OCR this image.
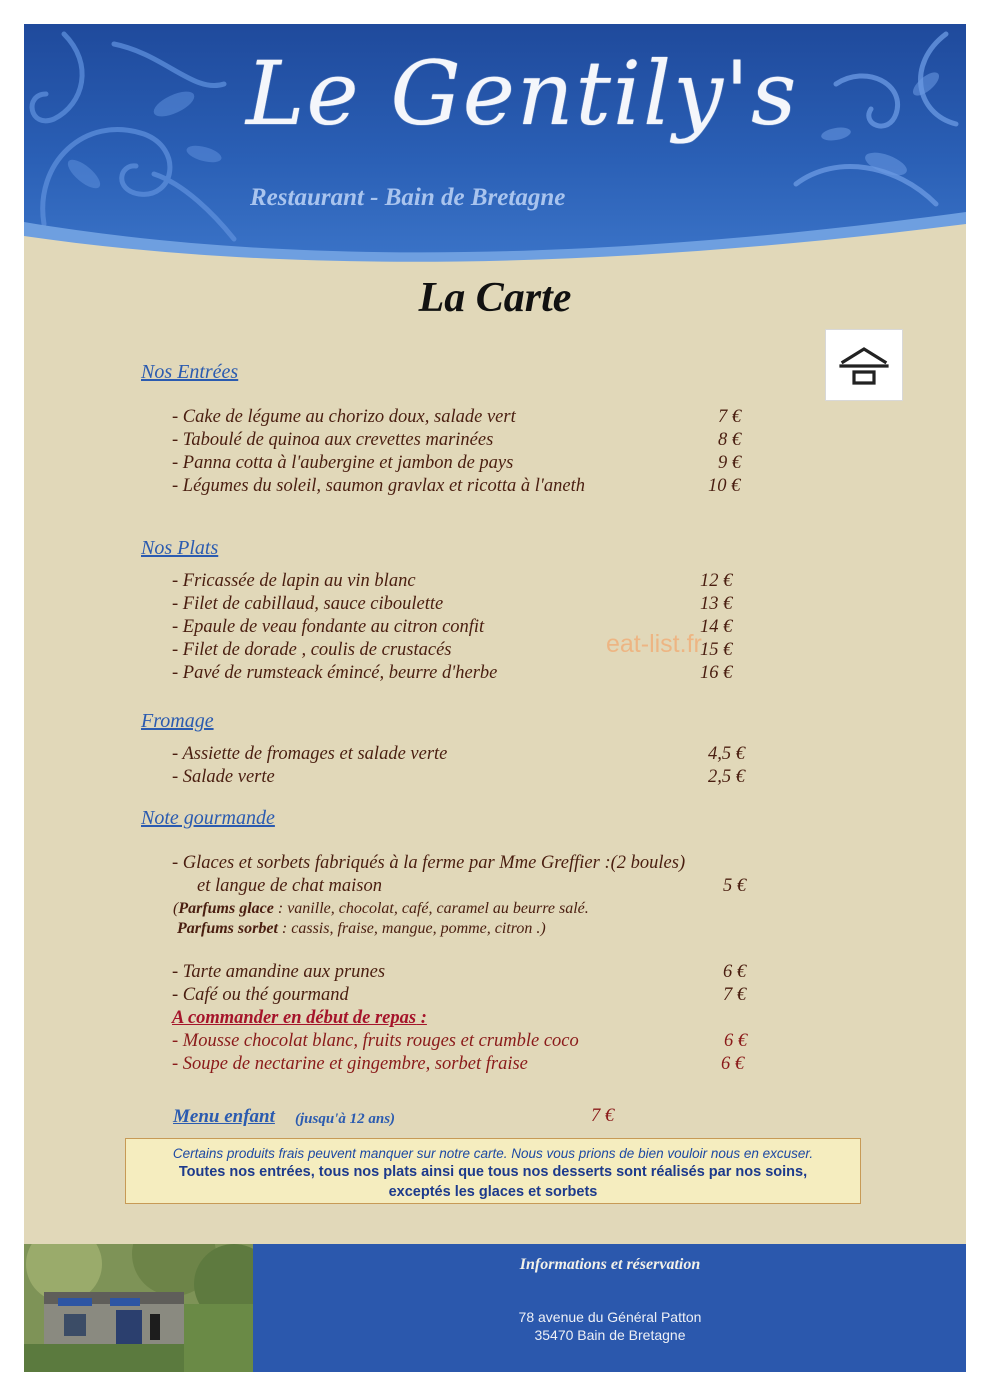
Le Gentily's
Restaurant - Bain de Bretagne
La Carte
Nos Entrées
- Cake de légume au chorizo doux, salade vert	7 €
- Taboulé de quinoa aux crevettes marinées	8 €
- Panna cotta à l'aubergine et jambon de pays	9 €
- Légumes du soleil, saumon gravlax et ricotta à l'aneth	10 €
Nos Plats
- Fricassée de lapin au vin blanc	12 €
- Filet de cabillaud, sauce ciboulette	13 €
- Epaule de veau fondante au citron confit	14 €
- Filet de dorade , coulis de crustacés	15 €
- Pavé de rumsteack émincé, beurre d'herbe	16 €
eat-list.fr
Fromage
- Assiette de fromages et salade verte	4,5 €
- Salade verte	2,5 €
Note gourmande
- Glaces et sorbets fabriqués à la ferme par Mme Greffier :(2 boules)
et langue de chat maison	5 €
(Parfums glace : vanille, chocolat, café, caramel au beurre salé.
Parfums sorbet : cassis, fraise, mangue, pomme, citron .)
- Tarte amandine aux prunes	6 €
- Café ou thé gourmand	7 €
A commander en début de repas :
- Mousse chocolat blanc, fruits rouges et crumble coco	6 €
- Soupe de nectarine et gingembre, sorbet fraise	6 €
Menu enfant (jusqu'à 12 ans)	7 €
Certains produits frais peuvent manquer sur notre carte. Nous vous prions de bien vouloir nous en excuser.
Toutes nos entrées, tous nos plats ainsi que tous nos desserts sont réalisés par nos soins,
exceptés les glaces et sorbets
Informations et réservation
78 avenue du Général Patton
35470 Bain de Bretagne
